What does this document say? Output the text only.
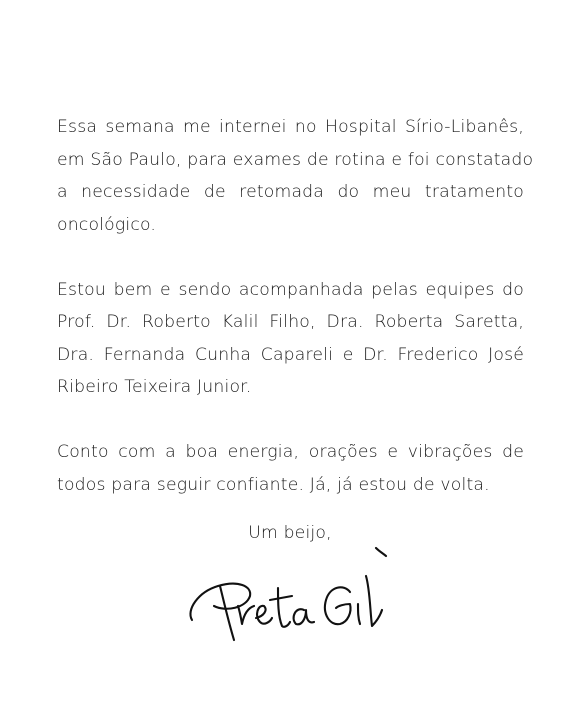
Essa semana me internei no Hospital Sírio-Libanês,
em São Paulo, para exames de rotina e foi constatado
a necessidade de retomada do meu tratamento
oncológico.

Estou bem e sendo acompanhada pelas equipes do
Prof. Dr. Roberto Kalil Filho, Dra. Roberta Saretta,
Dra. Fernanda Cunha Capareli e Dr. Frederico José
Ribeiro Teixeira Junior.

Conto com a boa energia, orações e vibrações de
todos para seguir confiante. Já, já estou de volta.

Um beijo,
